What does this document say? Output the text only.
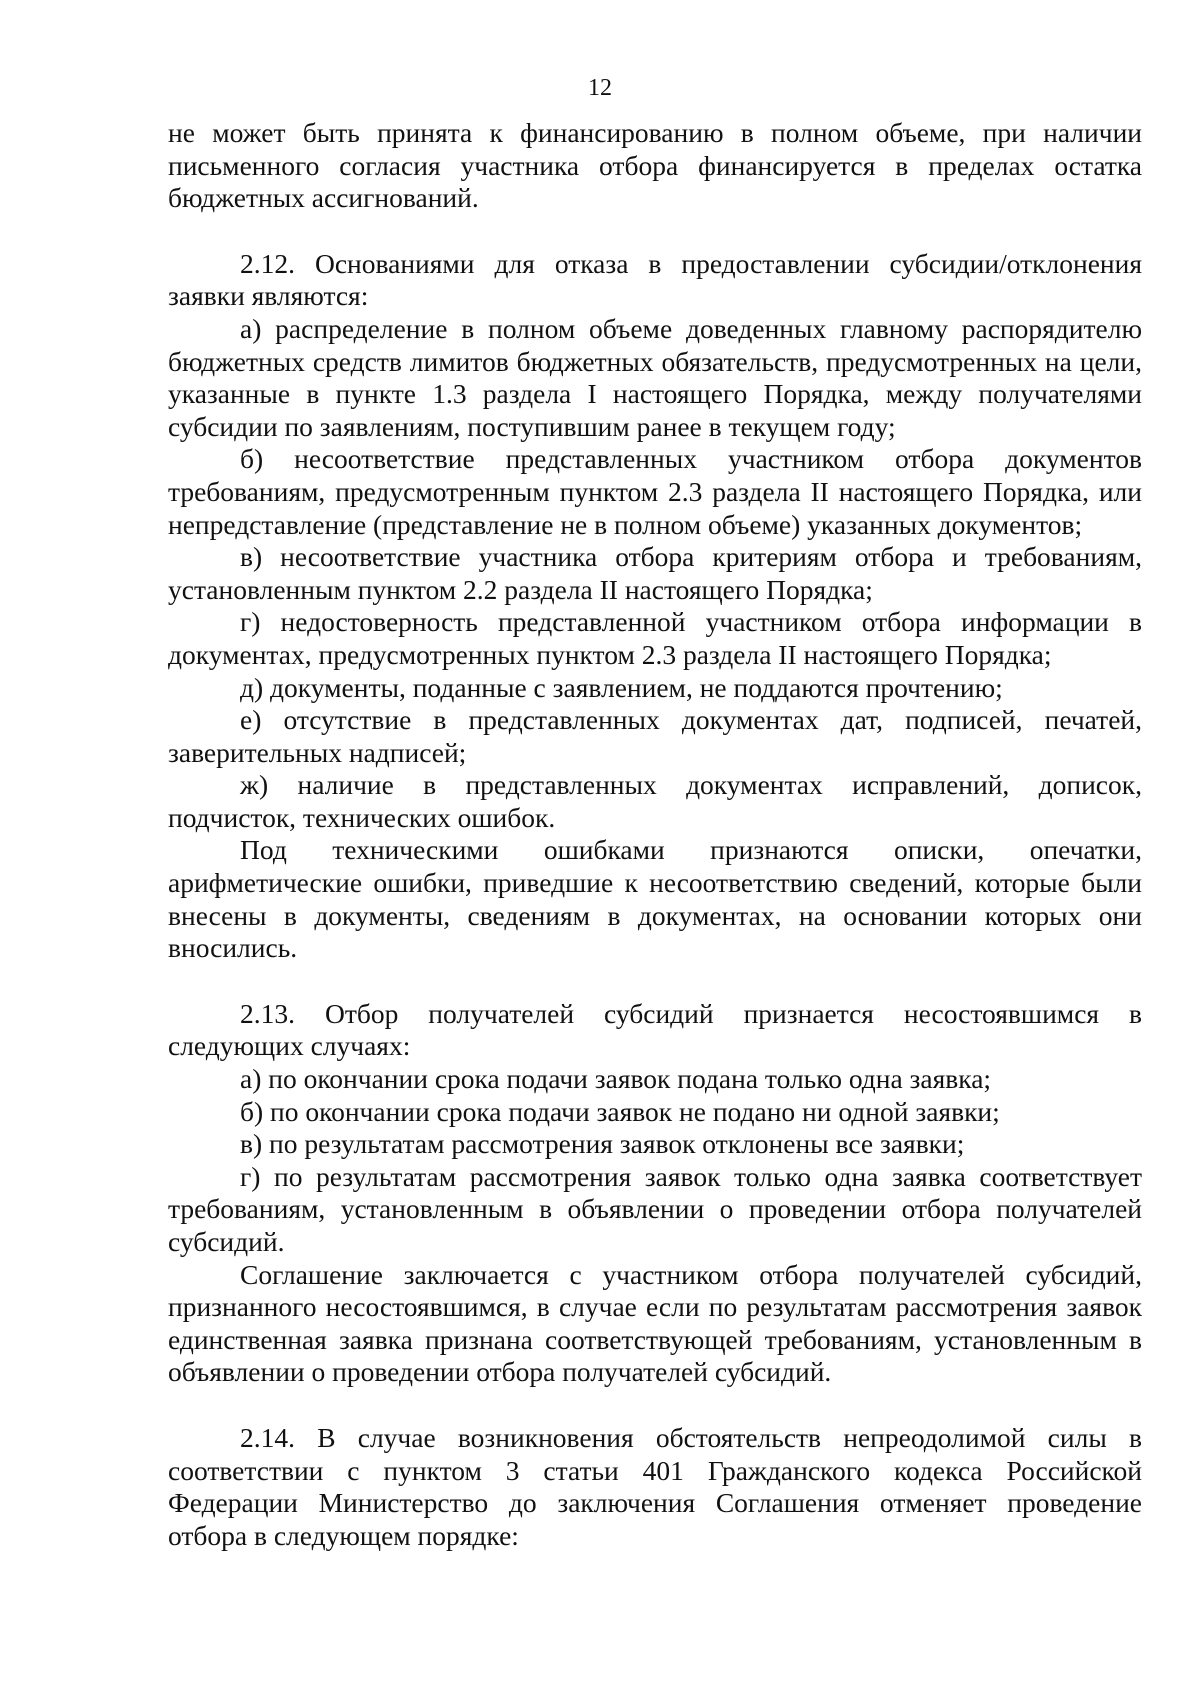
12

не может быть принята к финансированию в полном объеме, при наличии письменного согласия участника отбора финансируется в пределах остатка бюджетных ассигнований.

2.12. Основаниями для отказа в предоставлении субсидии/отклонения заявки являются:

а) распределение в полном объеме доведенных главному распорядителю бюджетных средств лимитов бюджетных обязательств, предусмотренных на цели, указанные в пункте 1.3 раздела I настоящего Порядка, между получателями субсидии по заявлениям, поступившим ранее в текущем году;

б) несоответствие представленных участником отбора документов требованиям, предусмотренным пунктом 2.3 раздела II настоящего Порядка, или непредставление (представление не в полном объеме) указанных документов;

в) несоответствие участника отбора критериям отбора и требованиям, установленным пунктом 2.2 раздела II настоящего Порядка;

г) недостоверность представленной участником отбора информации в документах, предусмотренных пунктом 2.3 раздела II настоящего Порядка;

д) документы, поданные с заявлением, не поддаются прочтению;

е) отсутствие в представленных документах дат, подписей, печатей, заверительных надписей;

ж) наличие в представленных документах исправлений, дописок, подчисток, технических ошибок.

Под техническими ошибками признаются описки, опечатки, арифметические ошибки, приведшие к несоответствию сведений, которые были внесены в документы, сведениям в документах, на основании которых они вносились.

2.13. Отбор получателей субсидий признается несостоявшимся в следующих случаях:

а) по окончании срока подачи заявок подана только одна заявка;

б) по окончании срока подачи заявок не подано ни одной заявки;

в) по результатам рассмотрения заявок отклонены все заявки;

г) по результатам рассмотрения заявок только одна заявка соответствует требованиям, установленным в объявлении о проведении отбора получателей субсидий.

Соглашение заключается с участником отбора получателей субсидий, признанного несостоявшимся, в случае если по результатам рассмотрения заявок единственная заявка признана соответствующей требованиям, установленным в объявлении о проведении отбора получателей субсидий.

2.14. В случае возникновения обстоятельств непреодолимой силы в соответствии с пунктом 3 статьи 401 Гражданского кодекса Российской Федерации Министерство до заключения Соглашения отменяет проведение отбора в следующем порядке:
